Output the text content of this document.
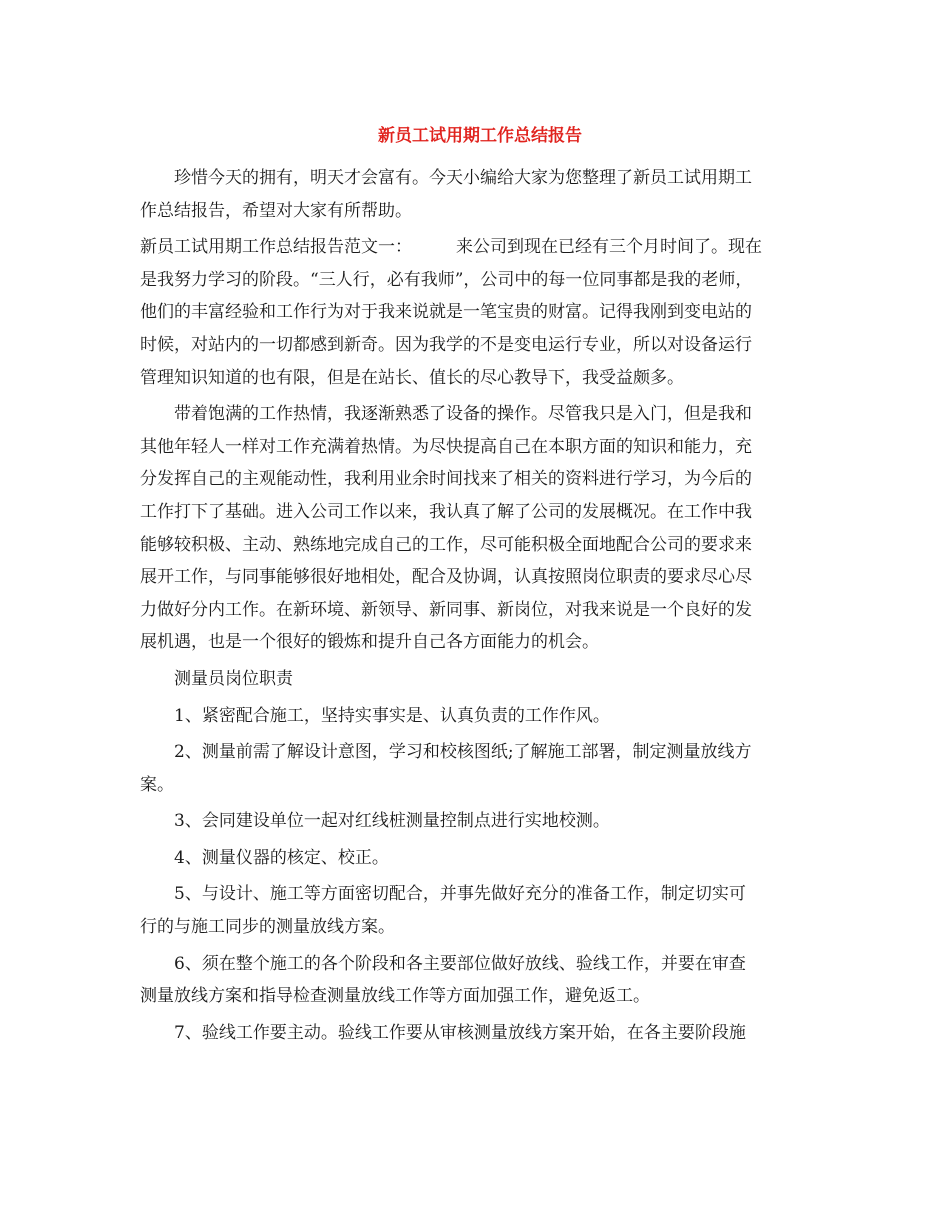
新员工试用期工作总结报告
珍惜今天的拥有，明天才会富有。今天小编给大家为您整理了新员工试用期工
作总结报告，希望对大家有所帮助。
新员工试用期工作总结报告范文一：	来公司到现在已经有三个月时间了。现在
是我努力学习的阶段。“三人行，必有我师”，公司中的每一位同事都是我的老师，
他们的丰富经验和工作行为对于我来说就是一笔宝贵的财富。记得我刚到变电站的
时候，对站内的一切都感到新奇。因为我学的不是变电运行专业，所以对设备运行
管理知识知道的也有限，但是在站长、值长的尽心教导下，我受益颇多。
带着饱满的工作热情，我逐渐熟悉了设备的操作。尽管我只是入门，但是我和
其他年轻人一样对工作充满着热情。为尽快提高自己在本职方面的知识和能力，充
分发挥自己的主观能动性，我利用业余时间找来了相关的资料进行学习，为今后的
工作打下了基础。进入公司工作以来，我认真了解了公司的发展概况。在工作中我
能够较积极、主动、熟练地完成自己的工作，尽可能积极全面地配合公司的要求来
展开工作，与同事能够很好地相处，配合及协调，认真按照岗位职责的要求尽心尽
力做好分内工作。在新环境、新领导、新同事、新岗位，对我来说是一个良好的发
展机遇，也是一个很好的锻炼和提升自己各方面能力的机会。
测量员岗位职责
1、紧密配合施工，坚持实事实是、认真负责的工作作风。
2、测量前需了解设计意图，学习和校核图纸;了解施工部署，制定测量放线方
案。
3、会同建设单位一起对红线桩测量控制点进行实地校测。
4、测量仪器的核定、校正。
5、与设计、施工等方面密切配合，并事先做好充分的准备工作，制定切实可
行的与施工同步的测量放线方案。
6、须在整个施工的各个阶段和各主要部位做好放线、验线工作，并要在审查
测量放线方案和指导检查测量放线工作等方面加强工作，避免返工。
7、验线工作要主动。验线工作要从审核测量放线方案开始，在各主要阶段施
